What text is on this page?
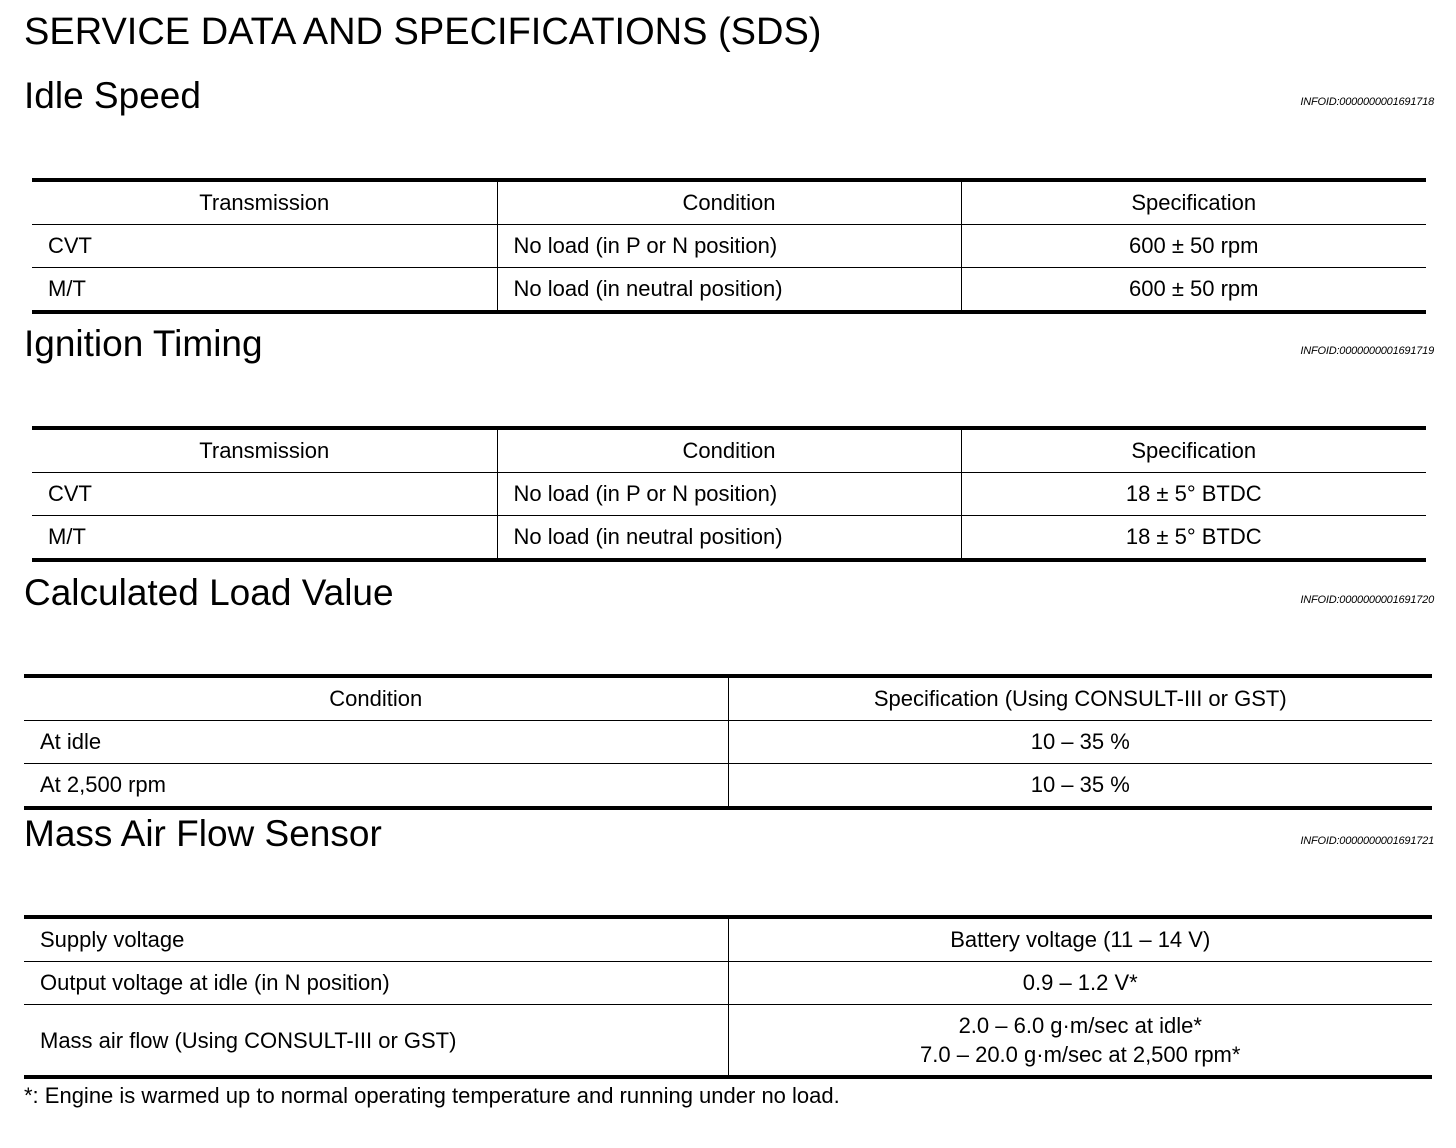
SERVICE DATA AND SPECIFICATIONS (SDS)
Idle Speed	INFOID:0000000001691718
Transmission	Condition	Specification
CVT	No load (in P or N position)	600 ± 50 rpm
M/T	No load (in neutral position)	600 ± 50 rpm
Ignition Timing	INFOID:0000000001691719
Transmission	Condition	Specification
CVT	No load (in P or N position)	18 ± 5° BTDC
M/T	No load (in neutral position)	18 ± 5° BTDC
Calculated Load Value	INFOID:0000000001691720
Condition	Specification (Using CONSULT-III or GST)
At idle	10 – 35 %
At 2,500 rpm	10 – 35 %
Mass Air Flow Sensor	INFOID:0000000001691721
Supply voltage	Battery voltage (11 – 14 V)
Output voltage at idle (in N position)	0.9 – 1.2 V*
Mass air flow (Using CONSULT-III or GST)	2.0 – 6.0 g·m/sec at idle*
7.0 – 20.0 g·m/sec at 2,500 rpm*
*: Engine is warmed up to normal operating temperature and running under no load.
